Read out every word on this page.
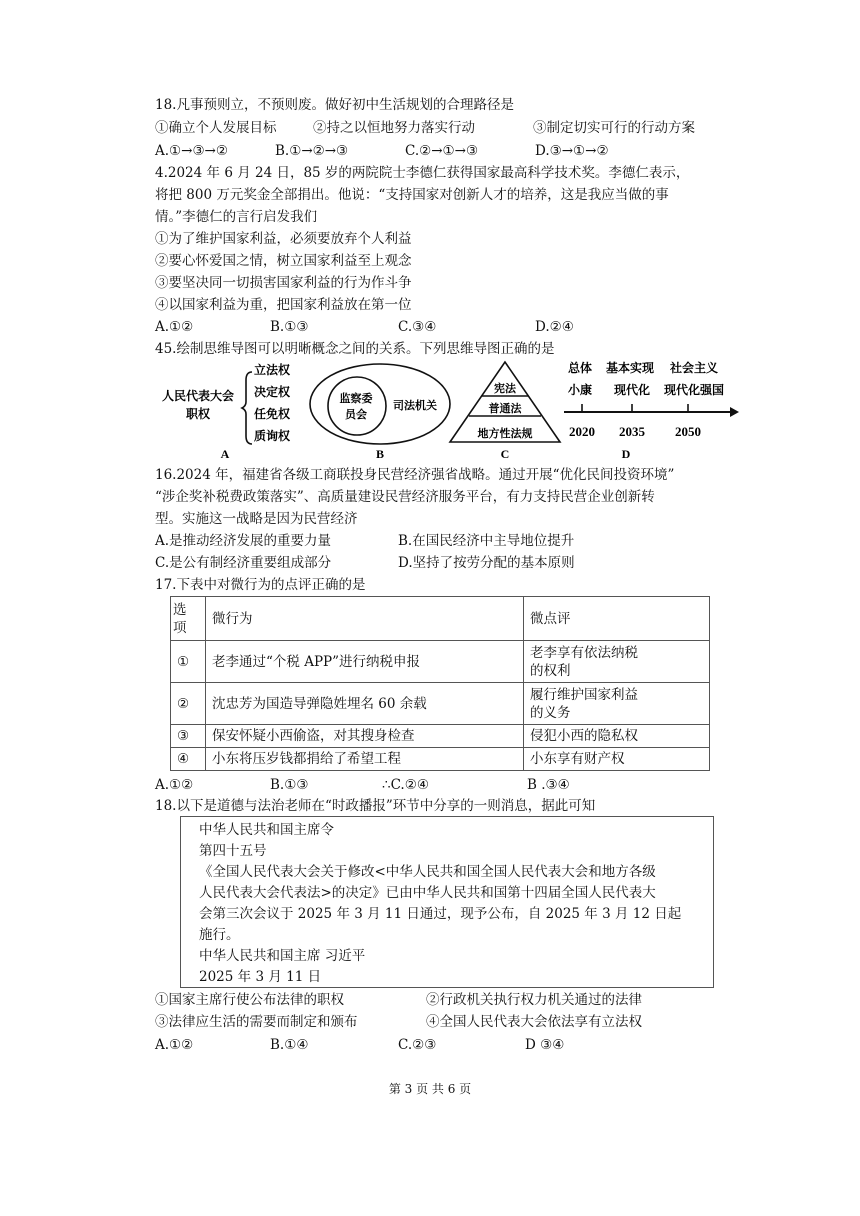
18.凡事预则立，不预则废。做好初中生活规划的合理路径是
①确立个人发展目标	②持之以恒地努力落实行动	③制定切实可行的行动方案
A.①→③→②	B.①→②→③	C.②→①→③	D.③→①→②
4.2024 年 6 月 24 日，85 岁的两院院士李德仁获得国家最高科学技术奖。李德仁表示，
将把 800 万元奖金全部捐出。他说：“支持国家对创新人才的培养，这是我应当做的事
情。”李德仁的言行启发我们
①为了维护国家利益，必须要放弃个人利益
②要心怀爱国之情，树立国家利益至上观念
③要坚决同一切损害国家利益的行为作斗争
④以国家利益为重，把国家利益放在第一位
A.①②	B.①③	C.③④	D.②④
45.绘制思维导图可以明晰概念之间的关系。下列思维导图正确的是
人民代表大会
职权
立法权
决定权
任免权
质询权
A
监察委
员会
司法机关
B
宪法
普通法
地方性法规
C
总体 基本实现 社会主义
小康 现代化 现代化强国
2020 2035 2050
D
16.2024 年，福建省各级工商联投身民营经济强省战略。通过开展“优化民间投资环境”
“涉企奖补税费政策落实”、高质量建设民营经济服务平台，有力支持民营企业创新转
型。实施这一战略是因为民营经济
A.是推动经济发展的重要力量	B.在国民经济中主导地位提升
C.是公有制经济重要组成部分	D.坚持了按劳分配的基本原则
17.下表中对微行为的点评正确的是
选
项	微行为	微点评
①	老李通过“个税 APP”进行纳税申报	老李享有依法纳税
的权利

②	沈忠芳为国造导弹隐姓埋名 60 余载	履行维护国家利益
的义务

③	保安怀疑小西偷盗，对其搜身检查	侵犯小西的隐私权
④	小东将压岁钱都捐给了希望工程	小东享有财产权
A.①②	B.①③	∴C.②④	B .③④
18.以下是道德与法治老师在“时政播报”环节中分享的一则消息，据此可知
中华人民共和国主席令
第四十五号
《全国人民代表大会关于修改<中华人民共和国全国人民代表大会和地方各级
人民代表大会代表法>的决定》已由中华人民共和国第十四届全国人民代表大
会第三次会议于 2025 年 3 月 11 日通过，现予公布，自 2025 年 3 月 12 日起
施行。
中华人民共和国主席 习近平
2025 年 3 月 11 日
①国家主席行使公布法律的职权	②行政机关执行权力机关通过的法律
③法律应生活的需要而制定和颁布	④全国人民代表大会依法享有立法权
A.①②	B.①④	C.②③	D ③④
第 3 页 共 6 页
